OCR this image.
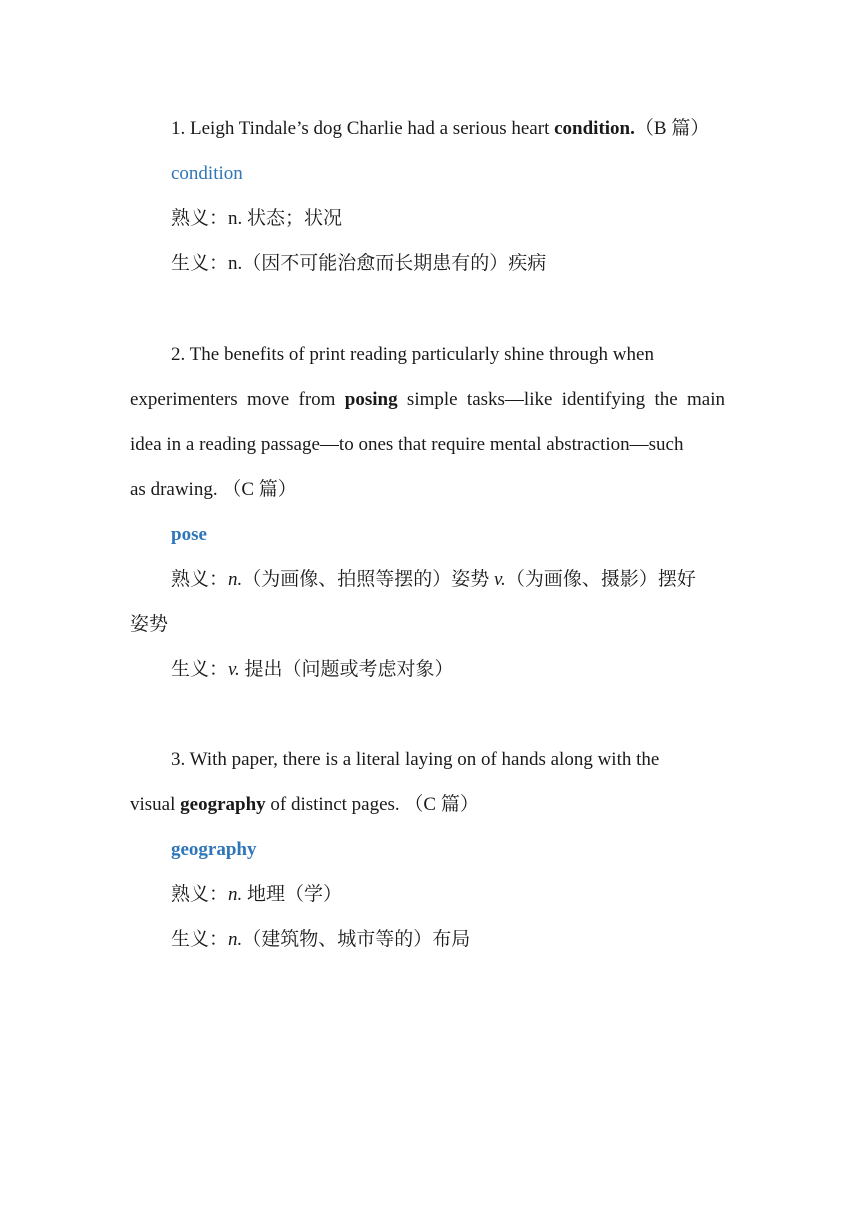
1. Leigh Tindale’s dog Charlie had a serious heart condition.（B 篇）
condition
熟义：n. 状态；状况
生义：n.（因不可能治愈而长期患有的）疾病
2. The benefits of print reading particularly shine through when
experimenters move from posing simple tasks—like identifying the main
idea in a reading passage—to ones that require mental abstraction—such
as drawing. （C 篇）
pose
熟义：n.（为画像、拍照等摆的）姿势 v.（为画像、摄影）摆好
姿势
生义：v. 提出（问题或考虑对象）
3. With paper, there is a literal laying on of hands along with the
visual geography of distinct pages. （C 篇）
geography
熟义：n. 地理（学）
生义：n.（建筑物、城市等的）布局
